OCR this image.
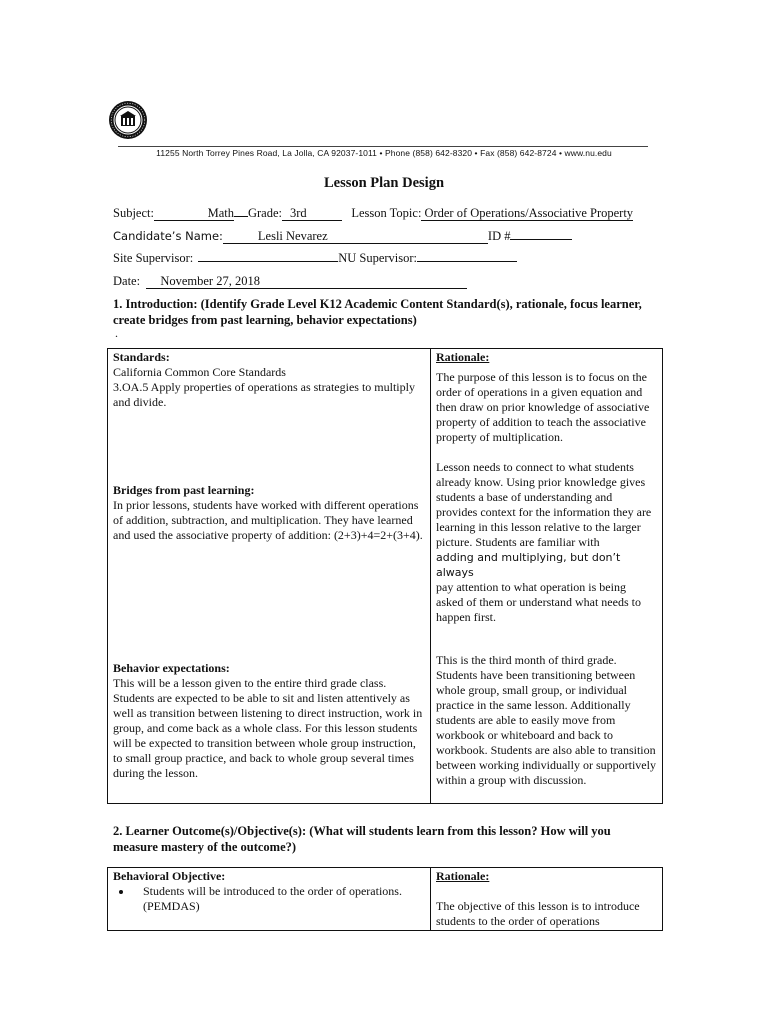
11255 North Torrey Pines Road, La Jolla, CA 92037-1011 • Phone (858) 642-8320 • Fax (858) 642-8724 • www.nu.edu
Lesson Plan Design
Subject:	Math Grade: 3rd	Lesson Topic: Order of Operations/Associative Property
Candidate’s Name:	Lesli Nevarez	ID #
Site Supervisor:	NU Supervisor:
Date: November 27, 2018
1. Introduction: (Identify Grade Level K12 Academic Content Standard(s), rationale, focus learner, create bridges from past learning, behavior expectations)
.
Standards:
California Common Core Standards
3.OA.5 Apply properties of operations as strategies to multiply and divide.
Bridges from past learning:
In prior lessons, students have worked with different operations of addition, subtraction, and multiplication. They have learned and used the associative property of addition: (2+3)+4=2+(3+4).
Behavior expectations:
This will be a lesson given to the entire third grade class. Students are expected to be able to sit and listen attentively as well as transition between listening to direct instruction, work in group, and come back as a whole class. For this lesson students will be expected to transition between whole group instruction, to small group practice, and back to whole group several times during the lesson.
Rationale:
The purpose of this lesson is to focus on the order of operations in a given equation and then draw on prior knowledge of associative property of addition to teach the associative property of multiplication.
Lesson needs to connect to what students already know. Using prior knowledge gives students a base of understanding and provides context for the information they are learning in this lesson relative to the larger picture. Students are familiar with
adding and multiplying, but don’t always
pay attention to what operation is being asked of them or understand what needs to happen first.
This is the third month of third grade. Students have been transitioning between whole group, small group, or individual practice in the same lesson. Additionally students are able to easily move from workbook or whiteboard and back to workbook. Students are also able to transition between working individually or supportively within a group with discussion.
2. Learner Outcome(s)/Objective(s): (What will students learn from this lesson? How will you measure mastery of the outcome?)
Behavioral Objective:
• Students will be introduced to the order of operations. (PEMDAS)
Rationale:
The objective of this lesson is to introduce students to the order of operations
